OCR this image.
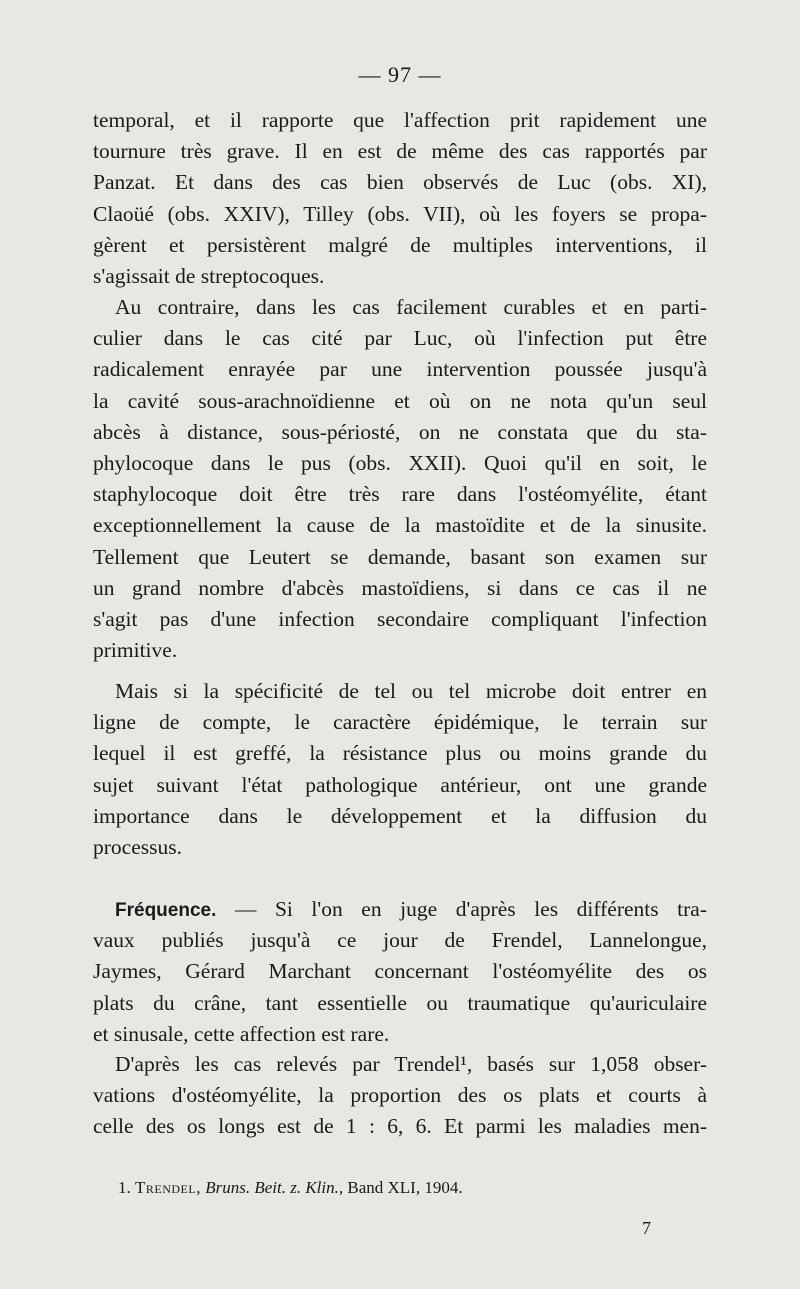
— 97 —
temporal, et il rapporte que l'affection prit rapidement une
tournure très grave. Il en est de même des cas rapportés par
Panzat. Et dans des cas bien observés de Luc (obs. XI),
Claoüé (obs. XXIV), Tilley (obs. VII), où les foyers se propa-
gèrent et persistèrent malgré de multiples interventions, il
s'agissait de streptocoques.
Au contraire, dans les cas facilement curables et en parti-
culier dans le cas cité par Luc, où l'infection put être
radicalement enrayée par une intervention poussée jusqu'à
la cavité sous-arachnoïdienne et où on ne nota qu'un seul
abcès à distance, sous-périosté, on ne constata que du sta-
phylocoque dans le pus (obs. XXII). Quoi qu'il en soit, le
staphylocoque doit être très rare dans l'ostéomyélite, étant
exceptionnellement la cause de la mastoïdite et de la sinusite.
Tellement que Leutert se demande, basant son examen sur
un grand nombre d'abcès mastoïdiens, si dans ce cas il ne
s'agit pas d'une infection secondaire compliquant l'infection
primitive.
Mais si la spécificité de tel ou tel microbe doit entrer en
ligne de compte, le caractère épidémique, le terrain sur
lequel il est greffé, la résistance plus ou moins grande du
sujet suivant l'état pathologique antérieur, ont une grande
importance dans le développement et la diffusion du
processus.
Fréquence. — Si l'on en juge d'après les différents tra-
vaux publiés jusqu'à ce jour de Frendel, Lannelongue,
Jaymes, Gérard Marchant concernant l'ostéomyélite des os
plats du crâne, tant essentielle ou traumatique qu'auriculaire
et sinusale, cette affection est rare.
D'après les cas relevés par Trendel¹, basés sur 1,058 obser-
vations d'ostéomyélite, la proportion des os plats et courts à
celle des os longs est de 1 : 6, 6. Et parmi les maladies men-
1. Trendel, Bruns. Beit. z. Klin., Band XLI, 1904.
7
